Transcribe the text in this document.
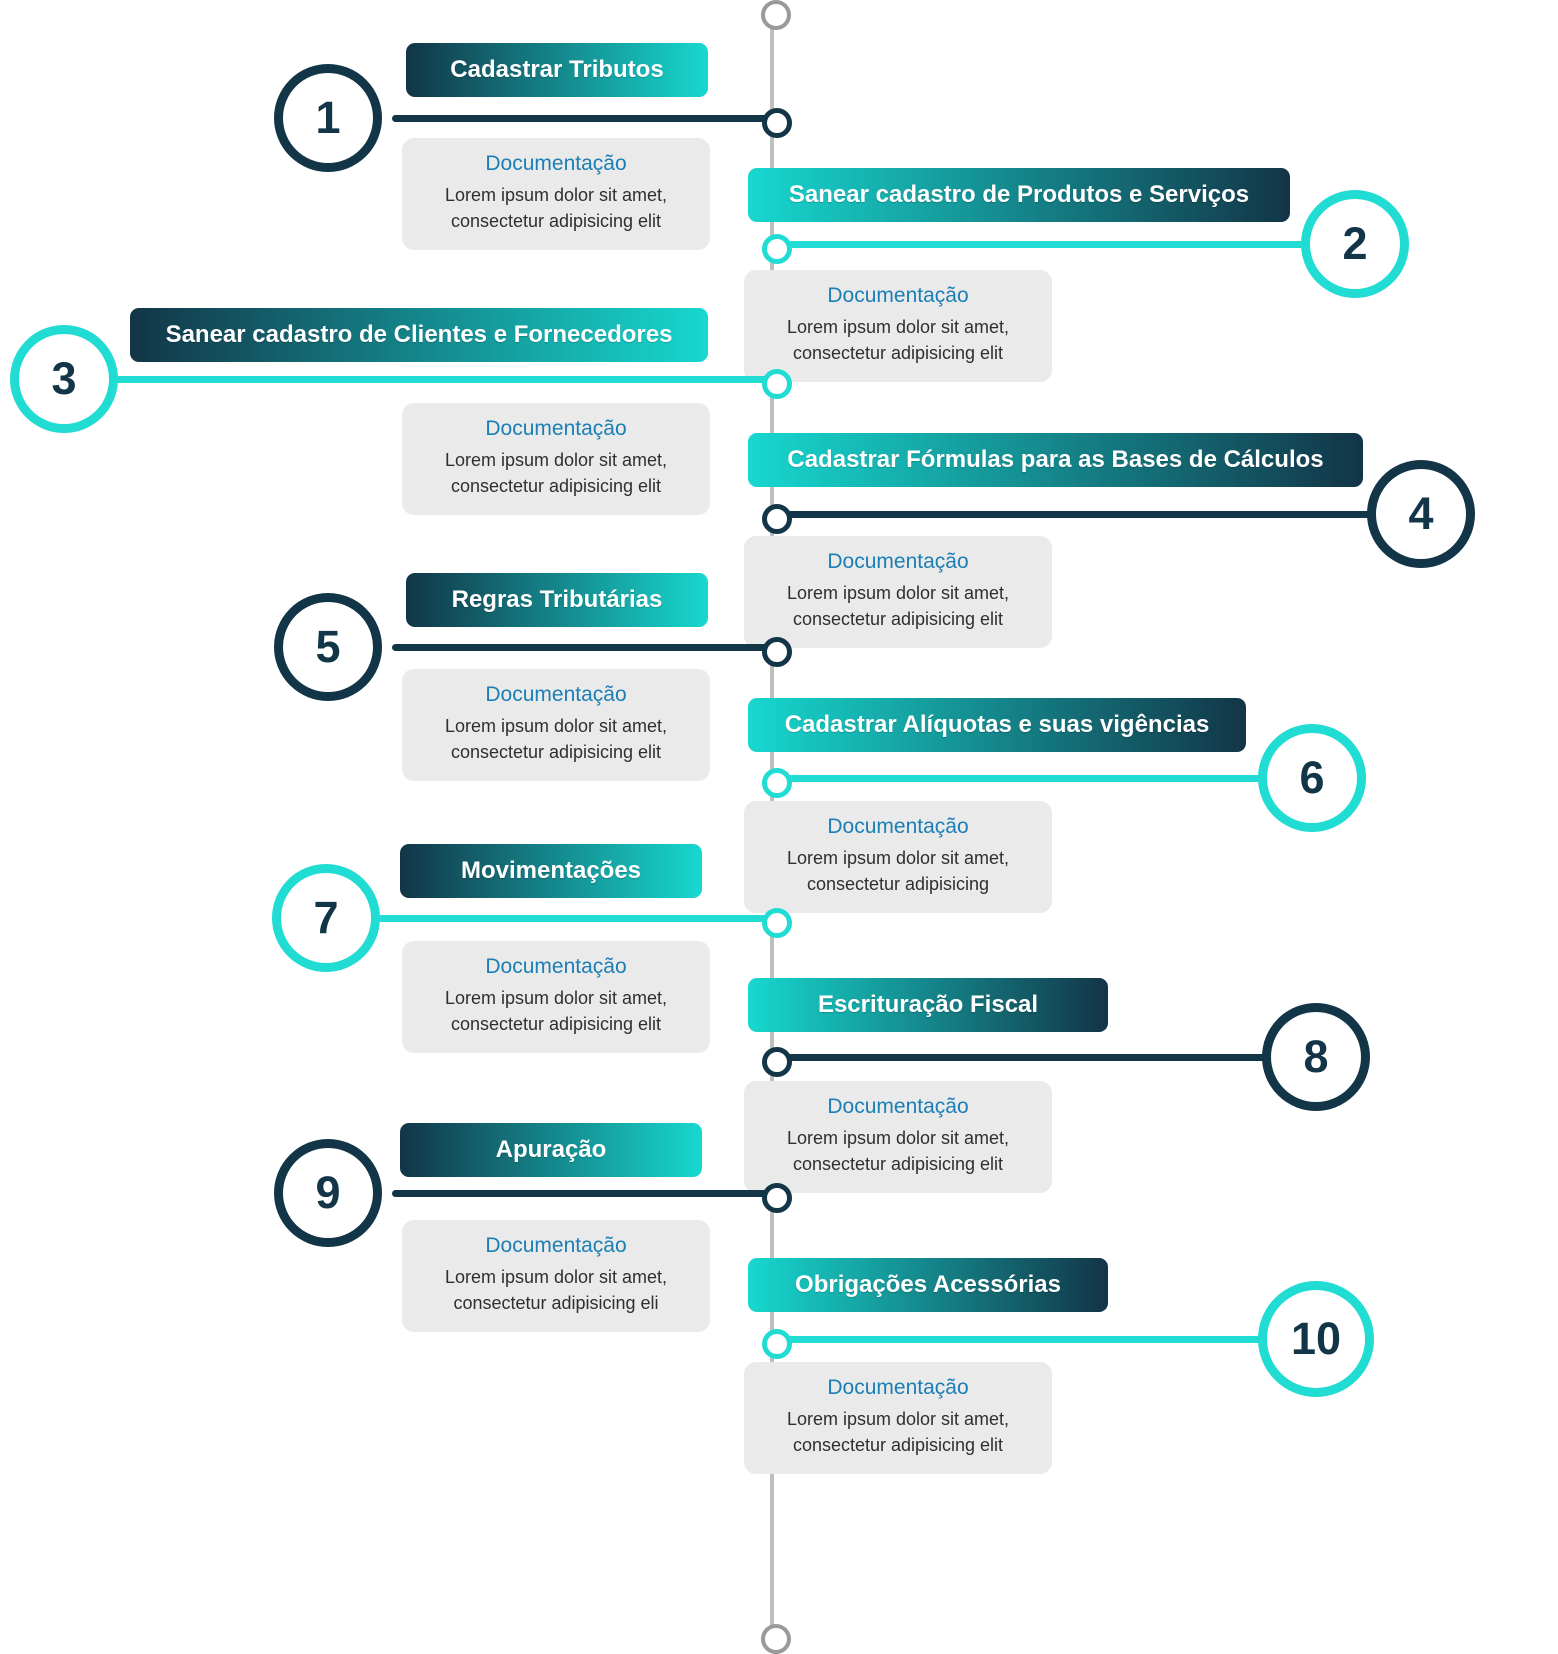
1
Cadastrar Tributos
Documentação
Lorem ipsum dolor sit amet, consectetur adipisicing elit	2
Sanear cadastro de Produtos e Serviços
Documentação
Lorem ipsum dolor sit amet, consectetur adipisicing elit
3
Sanear cadastro de Clientes e Fornecedores
Documentação
Lorem ipsum dolor sit amet, consectetur adipisicing elit
4
Cadastrar Fórmulas para as Bases de Cálculos
Documentação
Lorem ipsum dolor sit amet, consectetur adipisicing elit
5
Regras Tributárias
Documentação
Lorem ipsum dolor sit amet, consectetur adipisicing elit	6
Cadastrar Alíquotas e suas vigências
Documentação
Lorem ipsum dolor sit amet, consectetur adipisicing
7
Movimentações
Documentação
Lorem ipsum dolor sit amet, consectetur adipisicing elit
8
Escrituração Fiscal
Documentação
Lorem ipsum dolor sit amet, consectetur adipisicing elit
9
Apuração
Documentação
Lorem ipsum dolor sit amet, consectetur adipisicing eli
10
Obrigações Acessórias
Documentação
Lorem ipsum dolor sit amet, consectetur adipisicing elit
